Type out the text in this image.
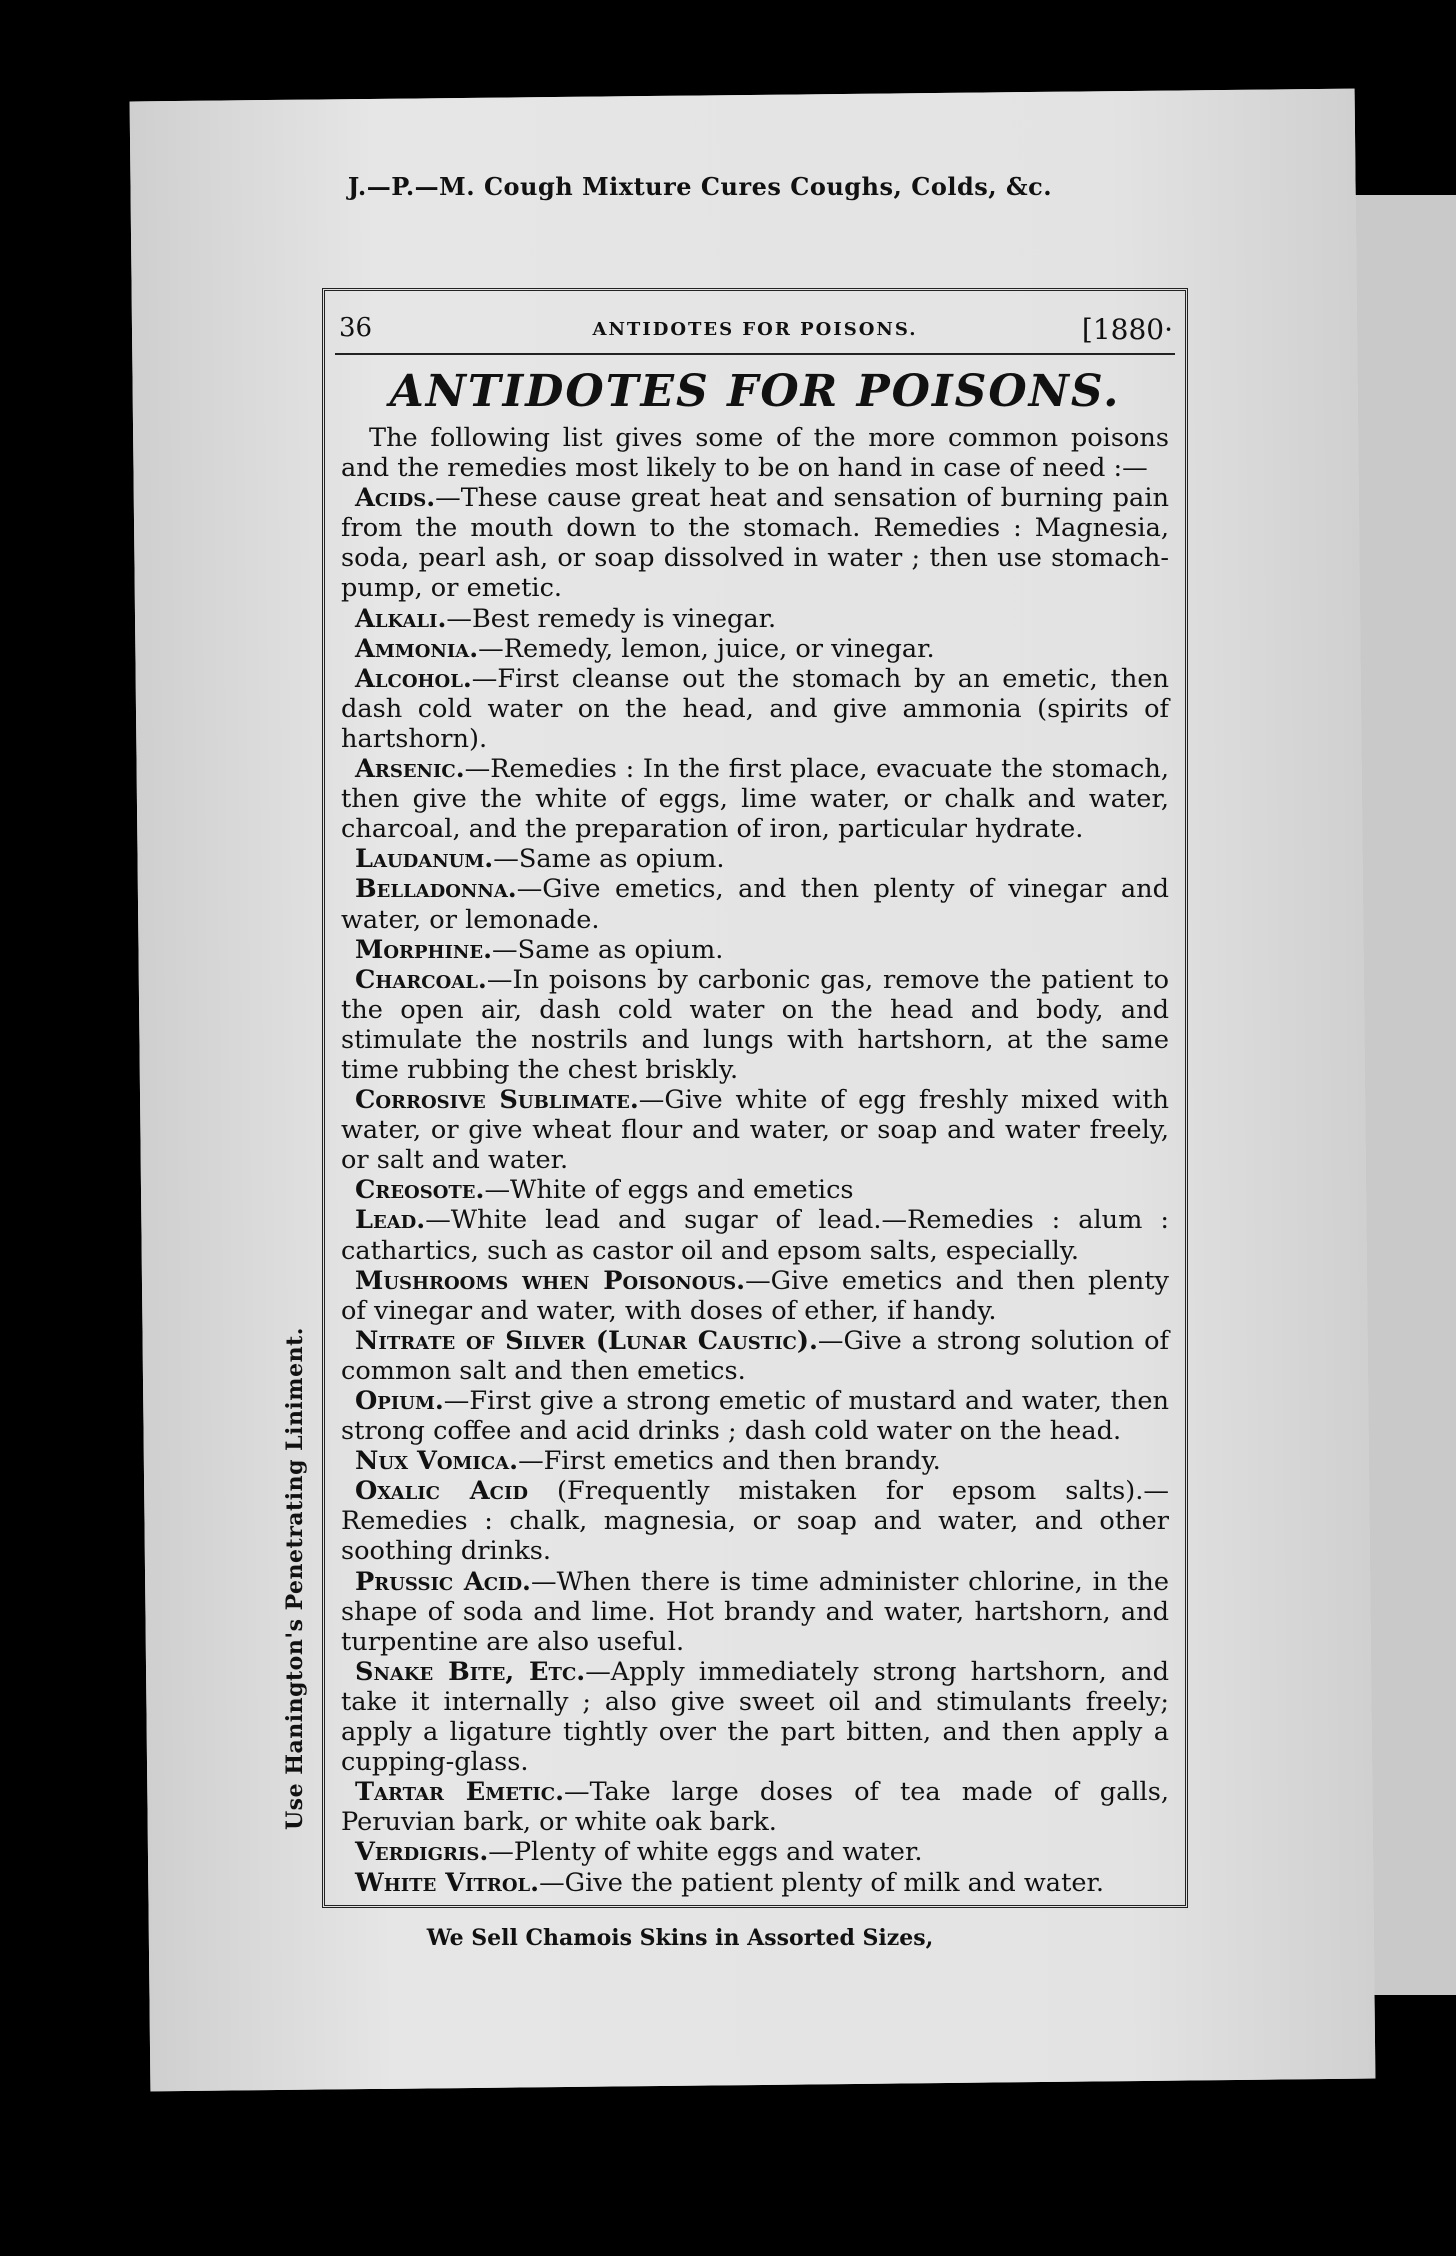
J.—P.—M. Cough Mixture Cures Coughs, Colds, &c.
Use Hanington's Penetrating Liniment.
36	ANTIDOTES FOR POISONS.	[1880·
ANTIDOTES FOR POISONS.

The following list gives some of the more common poisons and the remedies most likely to be on hand in case of need :—

Acids.—These cause great heat and sensation of burning pain from the mouth down to the stomach. Remedies : Magnesia, soda, pearl ash, or soap dissolved in water ; then use stomach-pump, or emetic.

Alkali.—Best remedy is vinegar.

Ammonia.—Remedy, lemon, juice, or vinegar.

Alcohol.—First cleanse out the stomach by an emetic, then dash cold water on the head, and give ammonia (spirits of hartshorn).

Arsenic.—Remedies : In the first place, evacuate the stomach, then give the white of eggs, lime water, or chalk and water, charcoal, and the preparation of iron, particular hydrate.

Laudanum.—Same as opium.

Belladonna.—Give emetics, and then plenty of vinegar and water, or lemonade.

Morphine.—Same as opium.

Charcoal.—In poisons by carbonic gas, remove the patient to the open air, dash cold water on the head and body, and stimulate the nostrils and lungs with hartshorn, at the same time rubbing the chest briskly.

Corrosive Sublimate.—Give white of egg freshly mixed with water, or give wheat flour and water, or soap and water freely, or salt and water.

Creosote.—White of eggs and emetics

Lead.—White lead and sugar of lead.—Remedies : alum : cathartics, such as castor oil and epsom salts, especially.

Mushrooms when Poisonous.—Give emetics and then plenty of vinegar and water, with doses of ether, if handy.

Nitrate of Silver (Lunar Caustic).—Give a strong solution of common salt and then emetics.

Opium.—First give a strong emetic of mustard and water, then strong coffee and acid drinks ; dash cold water on the head.

Nux Vomica.—First emetics and then brandy.

Oxalic Acid (Frequently mistaken for epsom salts).—Remedies : chalk, magnesia, or soap and water, and other soothing drinks.

Prussic Acid.—When there is time administer chlorine, in the shape of soda and lime. Hot brandy and water, hartshorn, and turpentine are also useful.

Snake Bite, Etc.—Apply immediately strong hartshorn, and take it internally ; also give sweet oil and stimulants freely; apply a ligature tightly over the part bitten, and then apply a cupping-glass.

Tartar Emetic.—Take large doses of tea made of galls, Peruvian bark, or white oak bark.

Verdigris.—Plenty of white eggs and water.

White Vitrol.—Give the patient plenty of milk and water.

We Sell Chamois Skins in Assorted Sizes,
